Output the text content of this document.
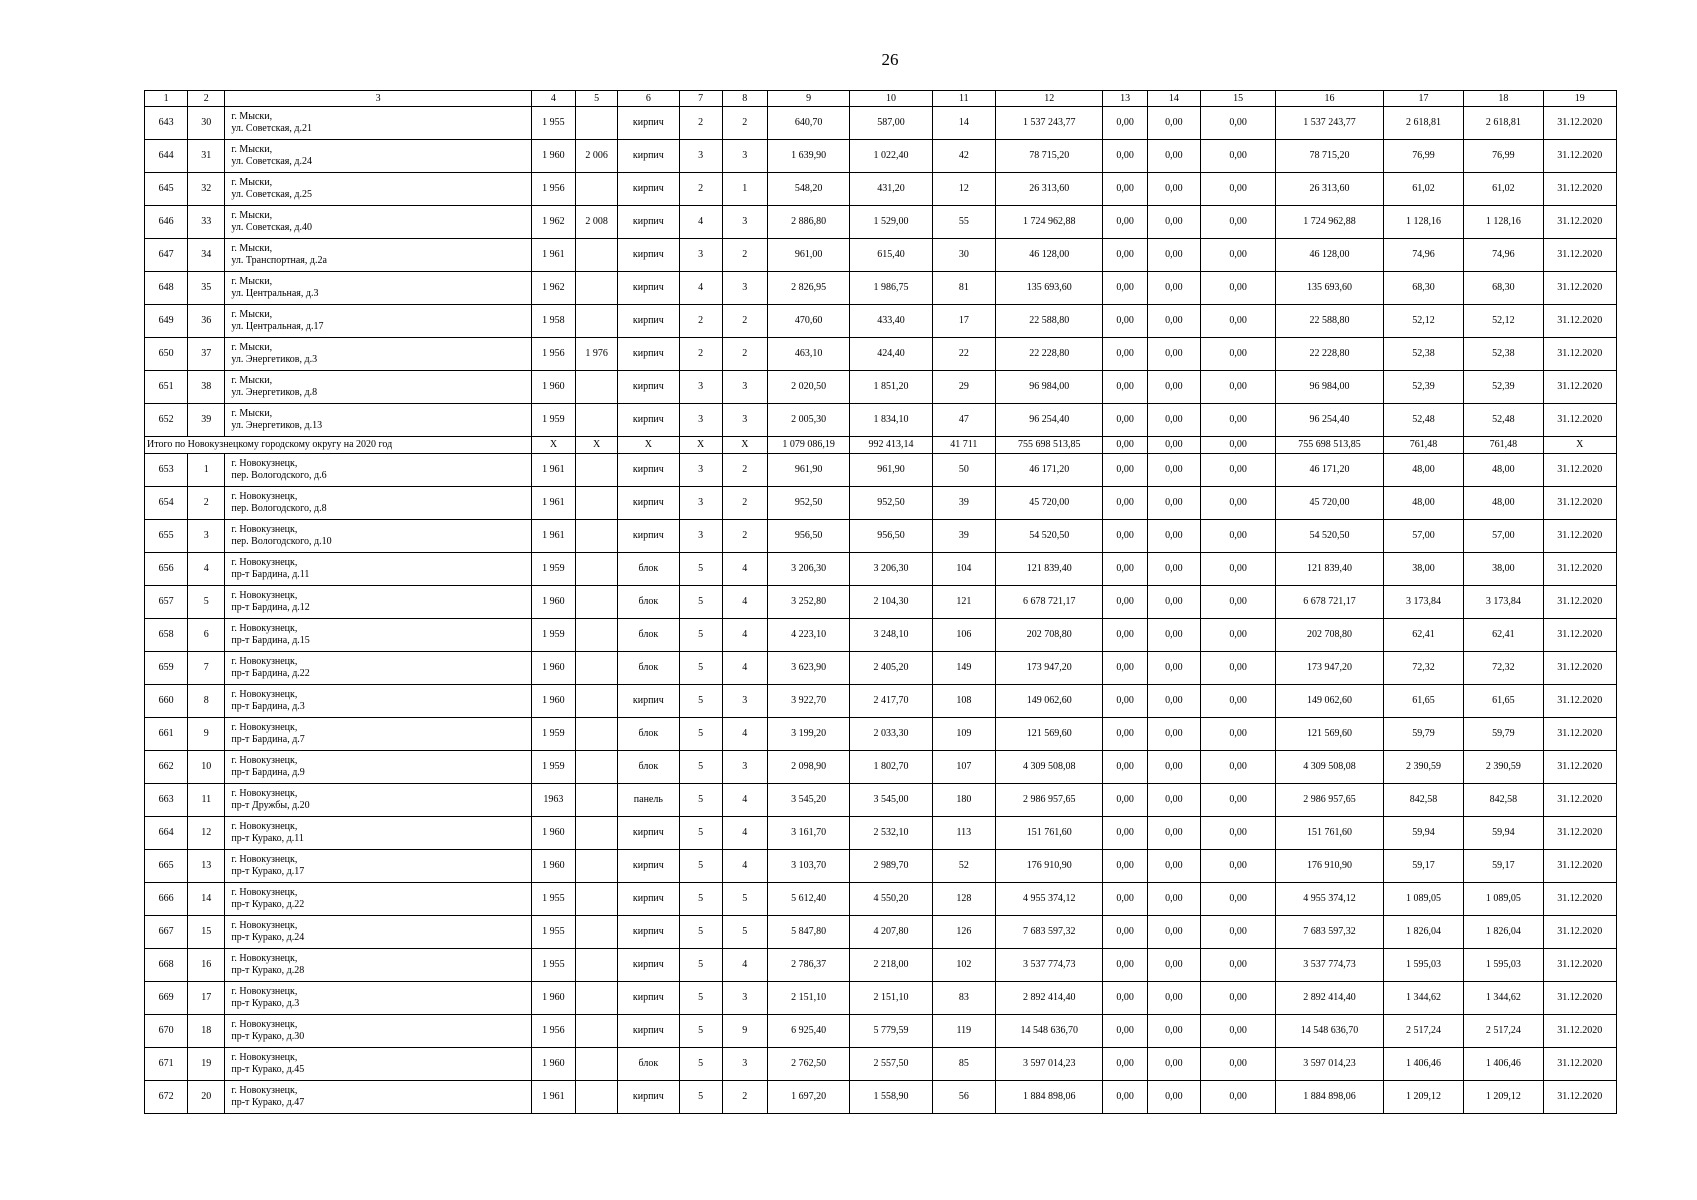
26
1	2	3	4	5	6	7	8	9	10	11	12	13	14	15	16	17	18	19
643	30	г. Мыски,
ул. Советская, д.21	1 955		кирпич	2	2	640,70	587,00	14	1 537 243,77	0,00	0,00	0,00	1 537 243,77	2 618,81	2 618,81	31.12.2020
644	31	г. Мыски,
ул. Советская, д.24	1 960	2 006	кирпич	3	3	1 639,90	1 022,40	42	78 715,20	0,00	0,00	0,00	78 715,20	76,99	76,99	31.12.2020
645	32	г. Мыски,
ул. Советская, д.25	1 956		кирпич	2	1	548,20	431,20	12	26 313,60	0,00	0,00	0,00	26 313,60	61,02	61,02	31.12.2020
646	33	г. Мыски,
ул. Советская, д.40	1 962	2 008	кирпич	4	3	2 886,80	1 529,00	55	1 724 962,88	0,00	0,00	0,00	1 724 962,88	1 128,16	1 128,16	31.12.2020
647	34	г. Мыски,
ул. Транспортная, д.2а	1 961		кирпич	3	2	961,00	615,40	30	46 128,00	0,00	0,00	0,00	46 128,00	74,96	74,96	31.12.2020
648	35	г. Мыски,
ул. Центральная, д.3	1 962		кирпич	4	3	2 826,95	1 986,75	81	135 693,60	0,00	0,00	0,00	135 693,60	68,30	68,30	31.12.2020
649	36	г. Мыски,
ул. Центральная, д.17	1 958		кирпич	2	2	470,60	433,40	17	22 588,80	0,00	0,00	0,00	22 588,80	52,12	52,12	31.12.2020
650	37	г. Мыски,
ул. Энергетиков, д.3	1 956	1 976	кирпич	2	2	463,10	424,40	22	22 228,80	0,00	0,00	0,00	22 228,80	52,38	52,38	31.12.2020
651	38	г. Мыски,
ул. Энергетиков, д.8	1 960		кирпич	3	3	2 020,50	1 851,20	29	96 984,00	0,00	0,00	0,00	96 984,00	52,39	52,39	31.12.2020
652	39	г. Мыски,
ул. Энергетиков, д.13	1 959		кирпич	3	3	2 005,30	1 834,10	47	96 254,40	0,00	0,00	0,00	96 254,40	52,48	52,48	31.12.2020
Итого по Новокузнецкому городскому округу на 2020 год			X	X	X	X	X	1 079 086,19	992 413,14	41 711	755 698 513,85	0,00	0,00	0,00	755 698 513,85	761,48	761,48	X
653	1	г. Новокузнецк,
пер. Вологодского, д.6	1 961		кирпич	3	2	961,90	961,90	50	46 171,20	0,00	0,00	0,00	46 171,20	48,00	48,00	31.12.2020
654	2	г. Новокузнецк,
пер. Вологодского, д.8	1 961		кирпич	3	2	952,50	952,50	39	45 720,00	0,00	0,00	0,00	45 720,00	48,00	48,00	31.12.2020
655	3	г. Новокузнецк,
пер. Вологодского, д.10	1 961		кирпич	3	2	956,50	956,50	39	54 520,50	0,00	0,00	0,00	54 520,50	57,00	57,00	31.12.2020
656	4	г. Новокузнецк,
пр-т Бардина, д.11	1 959		блок	5	4	3 206,30	3 206,30	104	121 839,40	0,00	0,00	0,00	121 839,40	38,00	38,00	31.12.2020
657	5	г. Новокузнецк,
пр-т Бардина, д.12	1 960		блок	5	4	3 252,80	2 104,30	121	6 678 721,17	0,00	0,00	0,00	6 678 721,17	3 173,84	3 173,84	31.12.2020
658	6	г. Новокузнецк,
пр-т Бардина, д.15	1 959		блок	5	4	4 223,10	3 248,10	106	202 708,80	0,00	0,00	0,00	202 708,80	62,41	62,41	31.12.2020
659	7	г. Новокузнецк,
пр-т Бардина, д.22	1 960		блок	5	4	3 623,90	2 405,20	149	173 947,20	0,00	0,00	0,00	173 947,20	72,32	72,32	31.12.2020
660	8	г. Новокузнецк,
пр-т Бардина, д.3	1 960		кирпич	5	3	3 922,70	2 417,70	108	149 062,60	0,00	0,00	0,00	149 062,60	61,65	61,65	31.12.2020
661	9	г. Новокузнецк,
пр-т Бардина, д.7	1 959		блок	5	4	3 199,20	2 033,30	109	121 569,60	0,00	0,00	0,00	121 569,60	59,79	59,79	31.12.2020
662	10	г. Новокузнецк,
пр-т Бардина, д.9	1 959		блок	5	3	2 098,90	1 802,70	107	4 309 508,08	0,00	0,00	0,00	4 309 508,08	2 390,59	2 390,59	31.12.2020
663	11	г. Новокузнецк,
пр-т Дружбы, д.20	1963		панель	5	4	3 545,20	3 545,00	180	2 986 957,65	0,00	0,00	0,00	2 986 957,65	842,58	842,58	31.12.2020
664	12	г. Новокузнецк,
пр-т Курако, д.11	1 960		кирпич	5	4	3 161,70	2 532,10	113	151 761,60	0,00	0,00	0,00	151 761,60	59,94	59,94	31.12.2020
665	13	г. Новокузнецк,
пр-т Курако, д.17	1 960		кирпич	5	4	3 103,70	2 989,70	52	176 910,90	0,00	0,00	0,00	176 910,90	59,17	59,17	31.12.2020
666	14	г. Новокузнецк,
пр-т Курако, д.22	1 955		кирпич	5	5	5 612,40	4 550,20	128	4 955 374,12	0,00	0,00	0,00	4 955 374,12	1 089,05	1 089,05	31.12.2020
667	15	г. Новокузнецк,
пр-т Курако, д.24	1 955		кирпич	5	5	5 847,80	4 207,80	126	7 683 597,32	0,00	0,00	0,00	7 683 597,32	1 826,04	1 826,04	31.12.2020
668	16	г. Новокузнецк,
пр-т Курако, д.28	1 955		кирпич	5	4	2 786,37	2 218,00	102	3 537 774,73	0,00	0,00	0,00	3 537 774,73	1 595,03	1 595,03	31.12.2020
669	17	г. Новокузнецк,
пр-т Курако, д.3	1 960		кирпич	5	3	2 151,10	2 151,10	83	2 892 414,40	0,00	0,00	0,00	2 892 414,40	1 344,62	1 344,62	31.12.2020
670	18	г. Новокузнецк,
пр-т Курако, д.30	1 956		кирпич	5	9	6 925,40	5 779,59	119	14 548 636,70	0,00	0,00	0,00	14 548 636,70	2 517,24	2 517,24	31.12.2020
671	19	г. Новокузнецк,
пр-т Курако, д.45	1 960		блок	5	3	2 762,50	2 557,50	85	3 597 014,23	0,00	0,00	0,00	3 597 014,23	1 406,46	1 406,46	31.12.2020
672	20	г. Новокузнецк,
пр-т Курако, д.47	1 961		кирпич	5	2	1 697,20	1 558,90	56	1 884 898,06	0,00	0,00	0,00	1 884 898,06	1 209,12	1 209,12	31.12.2020
